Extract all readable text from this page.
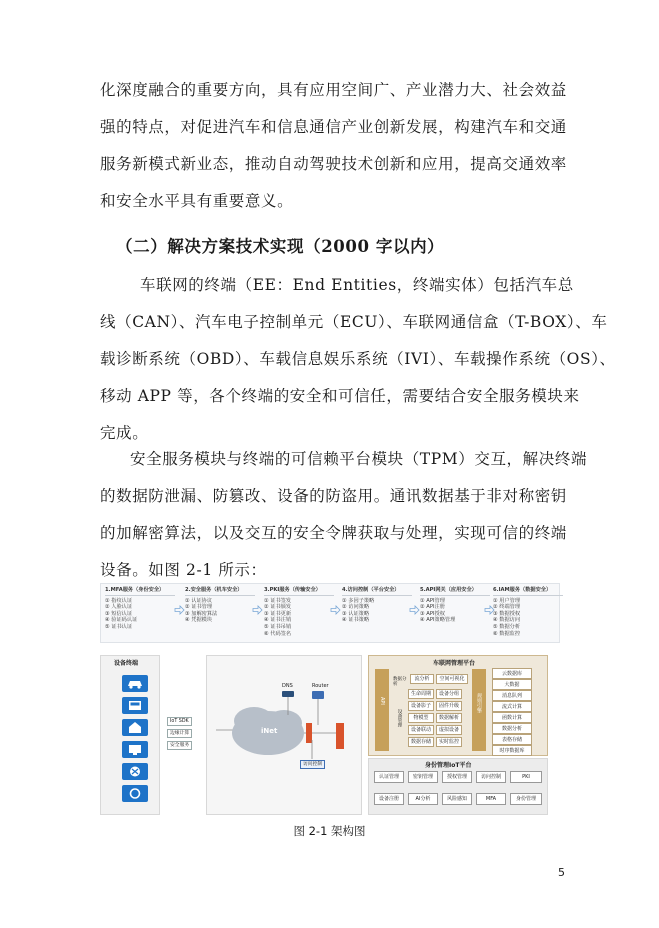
化深度融合的重要方向，具有应用空间广、产业潜力大、社会效益
强的特点，对促进汽车和信息通信产业创新发展，构建汽车和交通
服务新模式新业态，推动自动驾驶技术创新和应用，提高交通效率
和安全水平具有重要意义。
（二）解决方案技术实现（2000 字以内）
车联网的终端（EE：End Entities，终端实体）包括汽车总
线（CAN）、汽车电子控制单元（ECU）、车联网通信盒（T-BOX）、车
载诊断系统（OBD）、车载信息娱乐系统（IVI）、车载操作系统（OS）、
移动 APP 等，各个终端的安全和可信任，需要结合安全服务模块来
完成。
安全服务模块与终端的可信赖平台模块（TPM）交互，解决终端
的数据防泄漏、防篡改、设备的防盗用。通讯数据基于非对称密钥
的加解密算法，以及交互的安全令牌获取与处理，实现可信的终端
设备。如图 2-1 所示：
1.MFA服务（身份安全）
① 指纹认证
② 人脸认证
③ 短信认证
④ 验证码认证
⑤ 证书认证
2.安全服务（机车安全）
① 认证协议
② 证书管理
③ 加解密算法
④ 凭据模块
3.PKI服务（传输安全）
① 证书签发
② 证书颁发
③ 证书更新
④ 证书注销
⑤ 证书吊销
⑥ 代码签名
4.访问控制（平台安全）
① 多因子策略
② 访问策略
③ 认证策略
④ 证书策略
5.API网关（应用安全）
① API管理
② API注册
③ API授权
④ API策略管理
6.IAM服务（数据安全）
① 用户管理
② 终端管理
③ 数据授权
④ 数据访问
⑤ 数据分析
⑥ 数据监控
设备终端
IoT SDK
边缘计算
安全服务
iNet
DNS	Router
访问控制
车联网管理平台
API
数据分析
流分析	空间可视化
设备管理
生命周期	设备分组
设备影子	固件升级
物模型	数据解析
设备联动	虚拟设备
数据存储	实时监控
规则引擎
云数据库
大数据
消息队列
流式计算
函数计算
数据分析
表格存储
时序数据库
身份管理IoT平台
认证管理	密钥管理	授权管理	访问控制	PKI
设备注册	AI分析	风险感知	MFA	身份管理
图 2-1 架构图
5
